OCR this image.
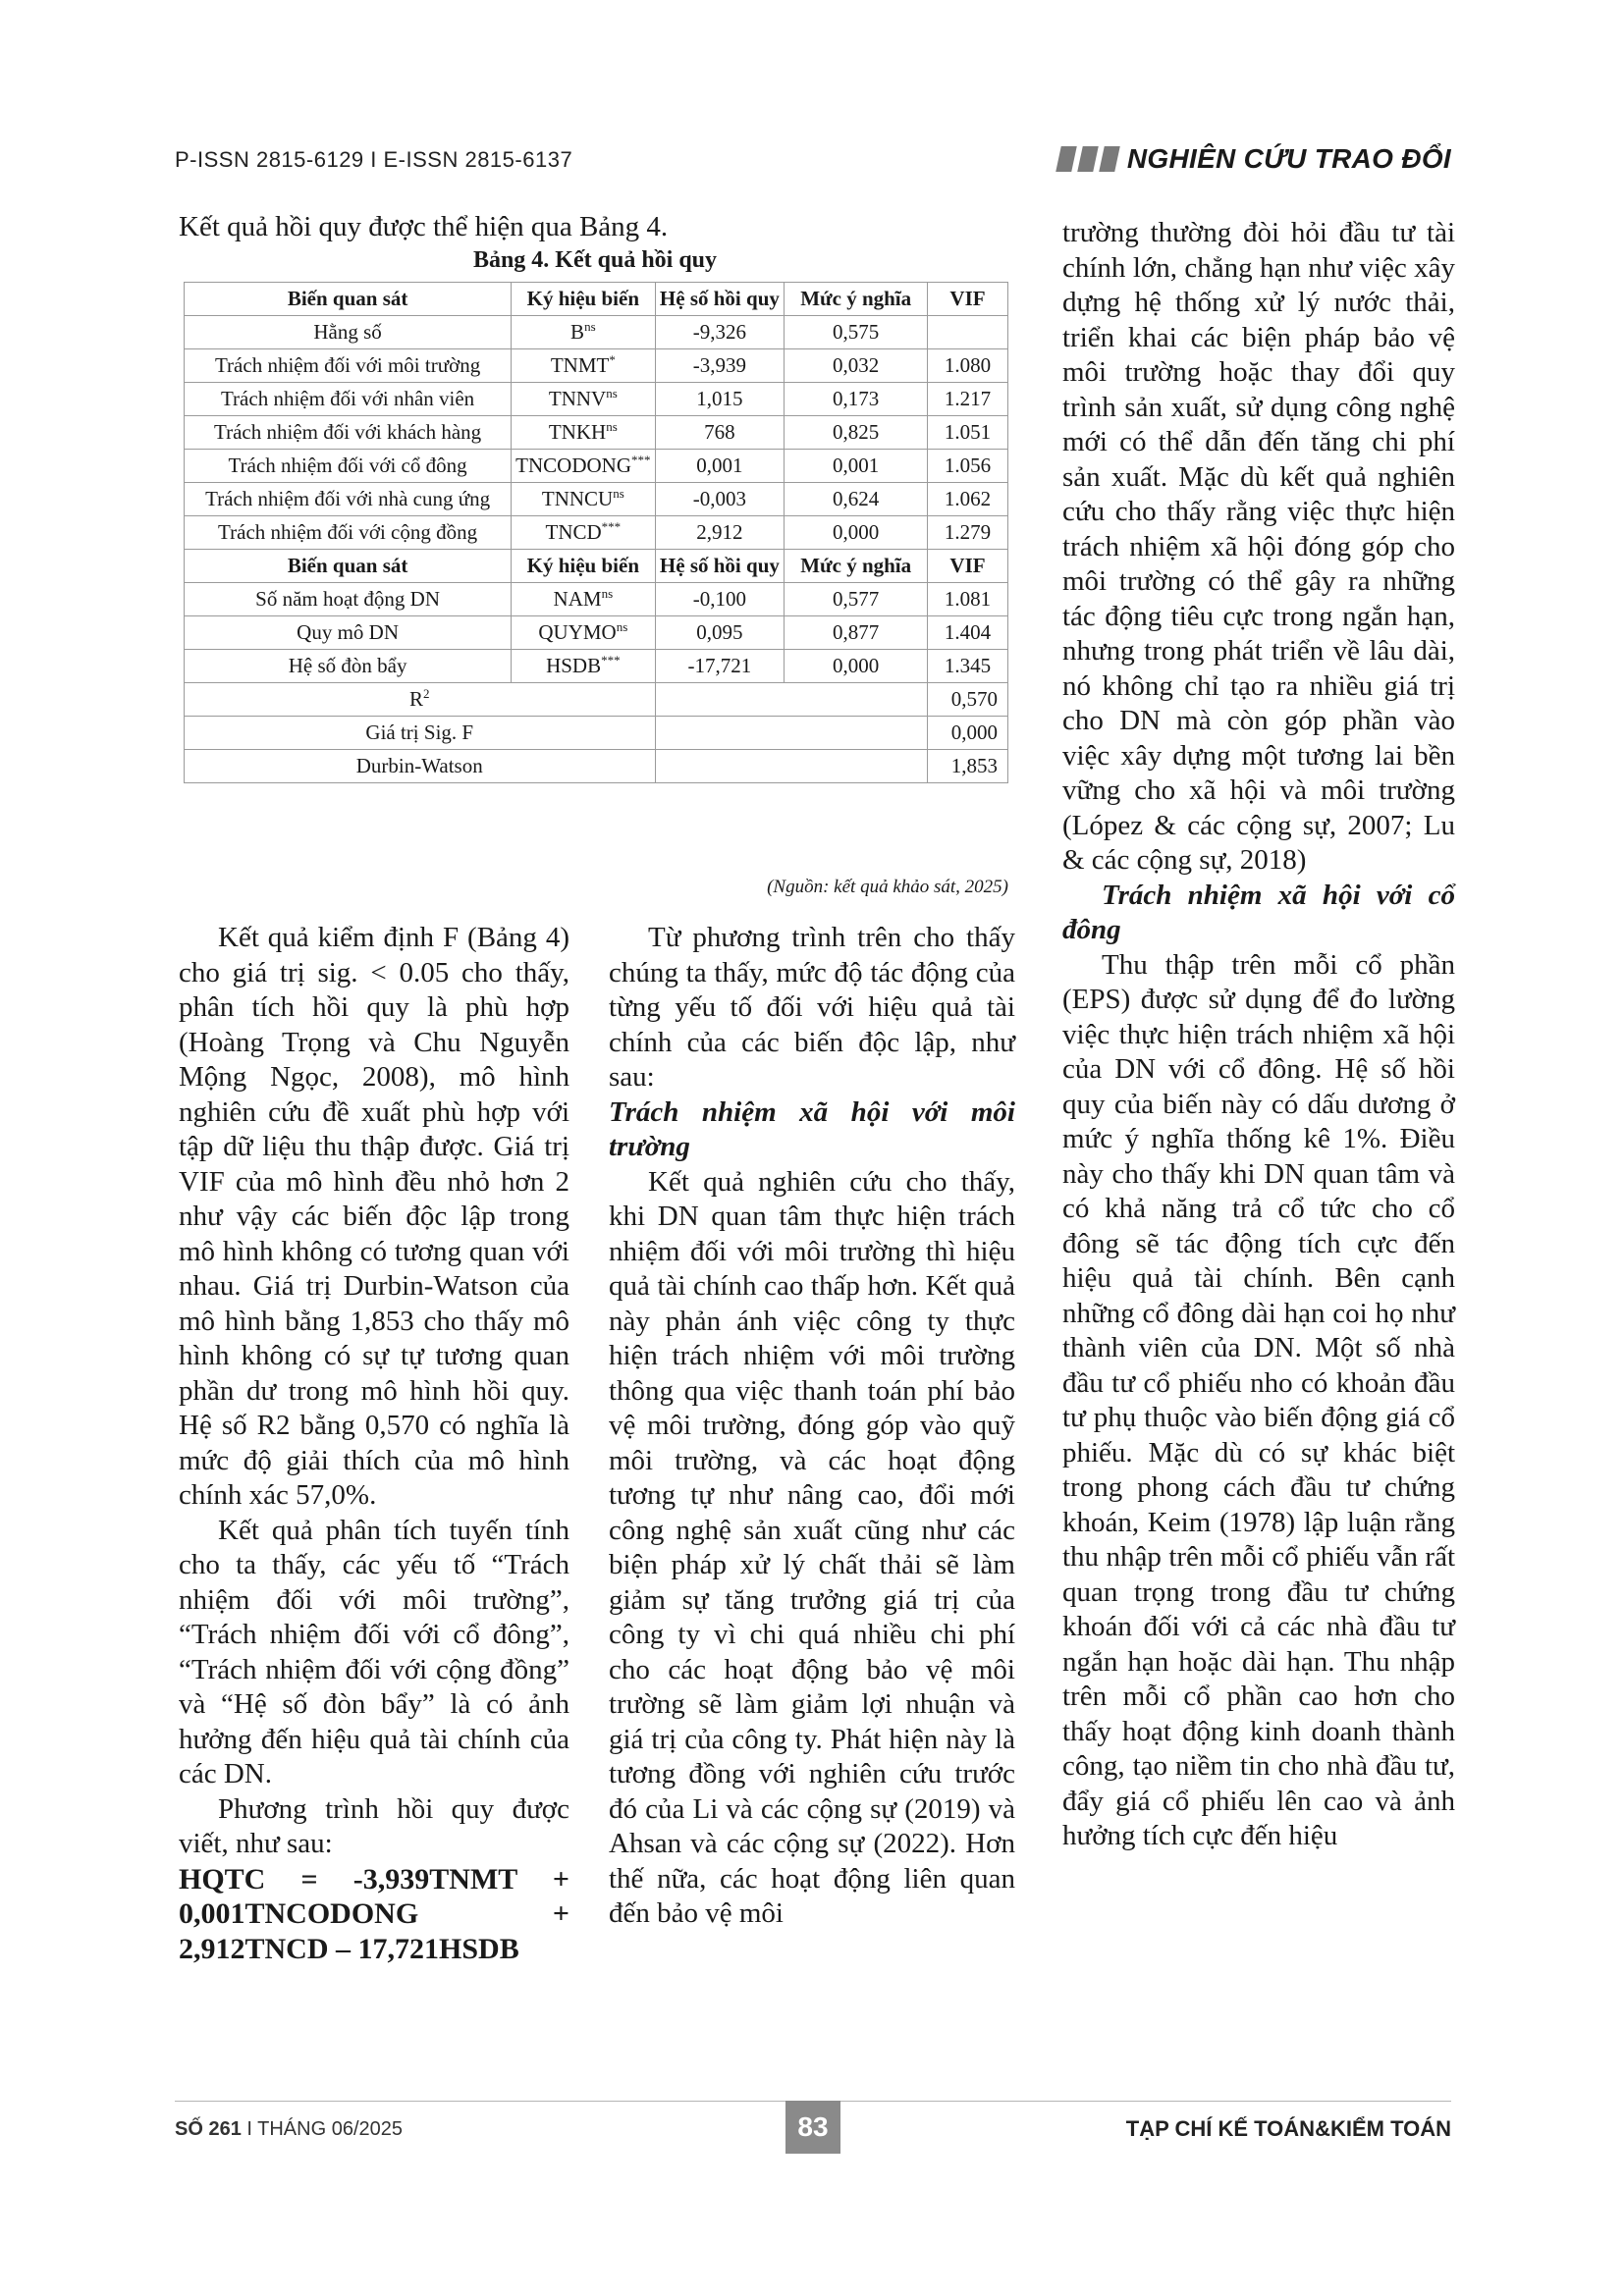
P-ISSN 2815-6129 I E-ISSN 2815-6137	NGHIÊN CỨU TRAO ĐỔI
Kết quả hồi quy được thể hiện qua Bảng 4.
Bảng 4. Kết quả hồi quy
Biến quan sát	Ký hiệu biến	Hệ số hồi quy	Mức ý nghĩa	VIF
Hằng số	$B^{ns}$	-9,326	0,575	
Trách nhiệm đối với môi trường	TNMT*	-3,939	0,032	1.080
Trách nhiệm đối với nhân viên	$TNNV^{ns}$	1,015	0,173	1.217
Trách nhiệm đối với khách hàng	$TNKH^{ns}$	768	0,825	1.051
Trách nhiệm đối với cổ đông	TNCODONG***	0,001	0,001	1.056
Trách nhiệm đối với nhà cung ứng	$TNNCU^{ns}$	-0,003	0,624	1.062
Trách nhiệm đối với cộng đồng	TNCD***	2,912	0,000	1.279
Biến quan sát	Ký hiệu biến	Hệ số hồi quy	Mức ý nghĩa	VIF
Số năm hoạt động DN	$NAM^{ns}$	-0,100	0,577	1.081
Quy mô DN	$QUYMO^{ns}$	0,095	0,877	1.404
Hệ số đòn bẩy	HSDB***	-17,721	0,000	1.345
$R^2$				0,570
Giá trị Sig. F				0,000
Durbin-Watson				1,853
(Nguồn: kết quả khảo sát, 2025)

Kết quả kiểm định F (Bảng 4) cho giá trị sig. < 0.05 cho thấy, phân tích hồi quy là phù hợp (Hoàng Trọng và Chu Nguyễn Mộng Ngọc, 2008), mô hình nghiên cứu đề xuất phù hợp với tập dữ liệu thu thập được. Giá trị VIF của mô hình đều nhỏ hơn 2 như vậy các biến độc lập trong mô hình không có tương quan với nhau. Giá trị Durbin-Watson của mô hình bằng 1,853 cho thấy mô hình không có sự tự tương quan phần dư trong mô hình hồi quy. Hệ số R2 bằng 0,570 có nghĩa là mức độ giải thích của mô hình chính xác 57,0%.

Kết quả phân tích tuyến tính cho ta thấy, các yếu tố “Trách nhiệm đối với môi trường”, “Trách nhiệm đối với cổ đông”, “Trách nhiệm đối với cộng đồng” và “Hệ số đòn bẩy” là có ảnh hưởng đến hiệu quả tài chính của các DN.

Phương trình hồi quy được viết, như sau:

HQTC = -3,939TNMT + 0,001TNCODONG + 2,912TNCD – 17,721HSDB

Từ phương trình trên cho thấy chúng ta thấy, mức độ tác động của từng yếu tố đối với hiệu quả tài chính của các biến độc lập, như sau:

Trách nhiệm xã hội với môi trường

Kết quả nghiên cứu cho thấy, khi DN quan tâm thực hiện trách nhiệm đối với môi trường thì hiệu quả tài chính cao thấp hơn. Kết quả này phản ánh việc công ty thực hiện trách nhiệm với môi trường thông qua việc thanh toán phí bảo vệ môi trường, đóng góp vào quỹ môi trường, và các hoạt động tương tự như nâng cao, đổi mới công nghệ sản xuất cũng như các biện pháp xử lý chất thải sẽ làm giảm sự tăng trưởng giá trị của công ty vì chi quá nhiều chi phí cho các hoạt động bảo vệ môi trường sẽ làm giảm lợi nhuận và giá trị của công ty. Phát hiện này là tương đồng với nghiên cứu trước đó của Li và các cộng sự (2019) và Ahsan và các cộng sự (2022). Hơn thế nữa, các hoạt động liên quan đến bảo vệ môi

trường thường đòi hỏi đầu tư tài chính lớn, chẳng hạn như việc xây dựng hệ thống xử lý nước thải, triển khai các biện pháp bảo vệ môi trường hoặc thay đổi quy trình sản xuất, sử dụng công nghệ mới có thể dẫn đến tăng chi phí sản xuất. Mặc dù kết quả nghiên cứu cho thấy rằng việc thực hiện trách nhiệm xã hội đóng góp cho môi trường có thể gây ra những tác động tiêu cực trong ngắn hạn, nhưng trong phát triển về lâu dài, nó không chỉ tạo ra nhiều giá trị cho DN mà còn góp phần vào việc xây dựng một tương lai bền vững cho xã hội và môi trường (López & các cộng sự, 2007; Lu & các cộng sự, 2018)

Trách nhiệm xã hội với cổ đông

Thu thập trên mỗi cổ phần (EPS) được sử dụng để đo lường việc thực hiện trách nhiệm xã hội của DN với cổ đông. Hệ số hồi quy của biến này có dấu dương ở mức ý nghĩa thống kê 1%. Điều này cho thấy khi DN quan tâm và có khả năng trả cổ tức cho cổ đông sẽ tác động tích cực đến hiệu quả tài chính. Bên cạnh những cổ đông dài hạn coi họ như thành viên của DN. Một số nhà đầu tư cổ phiếu nho có khoản đầu tư phụ thuộc vào biến động giá cổ phiếu. Mặc dù có sự khác biệt trong phong cách đầu tư chứng khoán, Keim (1978) lập luận rằng thu nhập trên mỗi cổ phiếu vẫn rất quan trọng trong đầu tư chứng khoán đối với cả các nhà đầu tư ngắn hạn hoặc dài hạn. Thu nhập trên mỗi cổ phần cao hơn cho thấy hoạt động kinh doanh thành công, tạo niềm tin cho nhà đầu tư, đẩy giá cổ phiếu lên cao và ảnh hưởng tích cực đến hiệu

SỐ 261 I THÁNG 06/2025	83	TẠP CHÍ KẾ TOÁN&KIỂM TOÁN
